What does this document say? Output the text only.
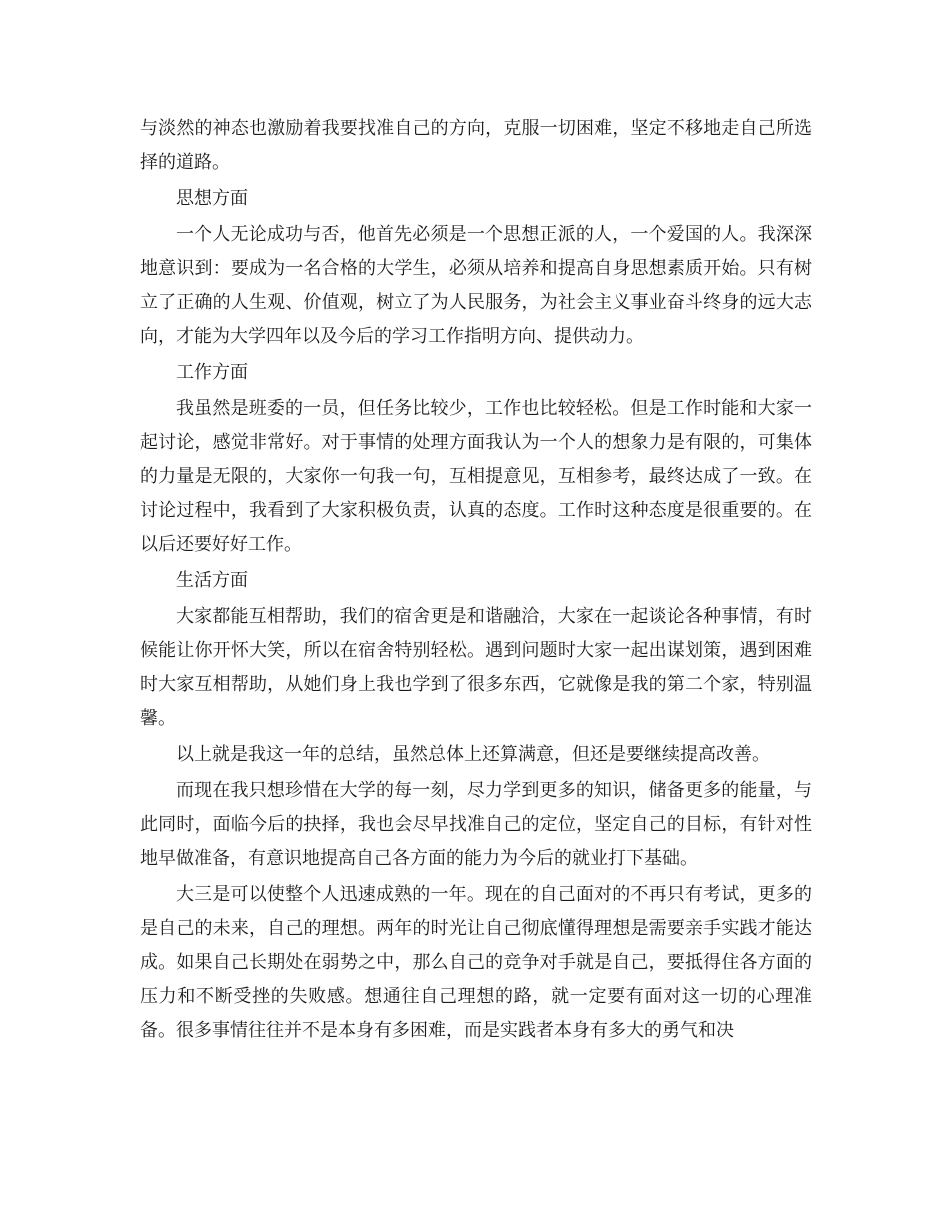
与淡然的神态也激励着我要找准自己的方向，克服一切困难，坚定不移地走自己所选择的道路。

思想方面

一个人无论成功与否，他首先必须是一个思想正派的人，一个爱国的人。我深深地意识到：要成为一名合格的大学生，必须从培养和提高自身思想素质开始。只有树立了正确的人生观、价值观，树立了为人民服务，为社会主义事业奋斗终身的远大志向，才能为大学四年以及今后的学习工作指明方向、提供动力。

工作方面

我虽然是班委的一员，但任务比较少，工作也比较轻松。但是工作时能和大家一起讨论，感觉非常好。对于事情的处理方面我认为一个人的想象力是有限的，可集体的力量是无限的，大家你一句我一句，互相提意见，互相参考，最终达成了一致。在讨论过程中，我看到了大家积极负责，认真的态度。工作时这种态度是很重要的。在以后还要好好工作。

生活方面

大家都能互相帮助，我们的宿舍更是和谐融洽，大家在一起谈论各种事情，有时候能让你开怀大笑，所以在宿舍特别轻松。遇到问题时大家一起出谋划策，遇到困难时大家互相帮助，从她们身上我也学到了很多东西，它就像是我的第二个家，特别温馨。

以上就是我这一年的总结，虽然总体上还算满意，但还是要继续提高改善。

而现在我只想珍惜在大学的每一刻，尽力学到更多的知识，储备更多的能量，与此同时，面临今后的抉择，我也会尽早找准自己的定位，坚定自己的目标，有针对性地早做准备，有意识地提高自己各方面的能力为今后的就业打下基础。

大三是可以使整个人迅速成熟的一年。现在的自己面对的不再只有考试，更多的是自己的未来，自己的理想。两年的时光让自己彻底懂得理想是需要亲手实践才能达成。如果自己长期处在弱势之中，那么自己的竞争对手就是自己，要抵得住各方面的压力和不断受挫的失败感。想通往自己理想的路，就一定要有面对这一切的心理准备。很多事情往往并不是本身有多困难，而是实践者本身有多大的勇气和决
